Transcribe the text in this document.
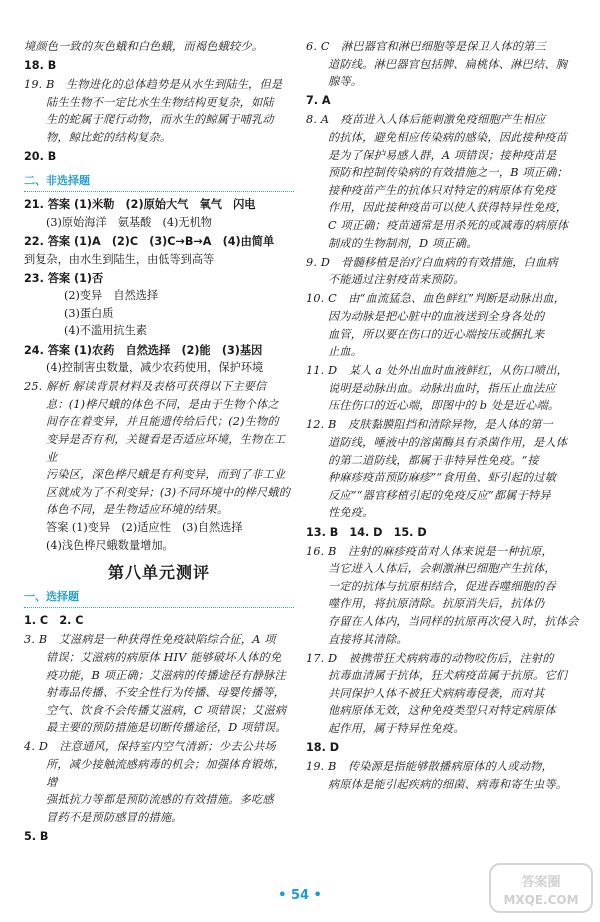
境颜色一致的灰色蛾和白色蛾，而褐色蛾较少。
18. B
19. B　生物进化的总体趋势是从水生到陆生，但是
陆生生物不一定比水生生物结构更复杂，如陆
生的蛇属于爬行动物，而水生的鲸属于哺乳动
物，鲸比蛇的结构复杂。
20. B
二、非选择题
21. 答案 (1)米勒　(2)原始大气　氧气　闪电
(3)原始海洋　氨基酸　(4)无机物
22. 答案 (1)A　(2)C　(3)C→B→A　(4)由简单
到复杂，由水生到陆生，由低等到高等
23. 答案 (1)否
(2)变异　自然选择
(3)蛋白质
(4)不滥用抗生素
24. 答案 (1)农药　自然选择　(2)能　(3)基因
(4)控制害虫数量，减少农药使用，保护环境
25. 解析 解读背景材料及表格可获得以下主要信
息：(1)桦尺蛾的体色不同，是由于生物个体之
间存在着变异，并且能遗传给后代；(2)生物的
变异是否有利，关键看是否适应环境，生物在工业
污染区，深色桦尺蛾是有利变异，而到了非工业
区就成为了不利变异；(3)不同环境中的桦尺蛾的
体色不同，是生物适应环境的结果。
答案 (1)变异　(2)适应性　(3)自然选择
(4)浅色桦尺蛾数量增加。
第八单元测评
一、选择题
1. C　2. C
3. B　艾滋病是一种获得性免疫缺陷综合征，A 项
错误；艾滋病的病原体 HIV 能够破坏人体的免
疫功能，B 项正确；艾滋病的传播途径有静脉注
射毒品传播、不安全性行为传播、母婴传播等，
空气、饮食不会传播艾滋病，C 项错误；艾滋病
最主要的预防措施是切断传播途径，D 项错误。
4. D　注意通风，保持室内空气清新；少去公共场
所，减少接触流感病毒的机会；加强体育锻炼，增
强抵抗力等都是预防流感的有效措施。多吃感
冒药不是预防感冒的措施。
5. B
6. C　淋巴器官和淋巴细胞等是保卫人体的第三
道防线。淋巴器官包括脾、扁桃体、淋巴结、胸
腺等。
7. A
8. A　疫苗进入人体后能刺激免疫细胞产生相应
的抗体，避免相应传染病的感染，因此接种疫苗
是为了保护易感人群，A 项错误；接种疫苗是
预防和控制传染病的有效措施之一，B 项正确；
接种疫苗产生的抗体只对特定的病原体有免疫
作用，因此接种疫苗可以使人获得特异性免疫，
C 项正确；疫苗通常是用杀死的或减毒的病原体
制成的生物制剂，D 项正确。
9. D　骨髓移植是治疗白血病的有效措施，白血病
不能通过注射疫苗来预防。
10. C　由“血流猛急、血色鲜红”判断是动脉出血，
因为动脉是把心脏中的血液送到全身各处的
血管，所以要在伤口的近心端按压或捆扎来
止血。
11. D　某人 a 处外出血时血液鲜红，从伤口喷出，
说明是动脉出血。动脉出血时，指压止血法应
压住伤口的近心端，即图中的 b 处是近心端。
12. B　皮肤黏膜阻挡和清除异物，是人体的第一
道防线，唾液中的溶菌酶具有杀菌作用，是人体
的第二道防线，都属于非特异性免疫。“接
种麻疹疫苗预防麻疹”“食用鱼、虾引起的过敏
反应”“器官移植引起的免疫反应”都属于特异
性免疫。
13. B　14. D　15. D
16. B　注射的麻疹疫苗对人体来说是一种抗原，
当它进入人体后，会刺激淋巴细胞产生抗体，
一定的抗体与抗原相结合，促进吞噬细胞的吞
噬作用，将抗原清除。抗原消失后，抗体仍
存留在人体内，当同样的抗原再次侵入时，抗体会
直接将其清除。
17. D　被携带狂犬病病毒的动物咬伤后，注射的
抗毒血清属于抗体，狂犬病疫苗属于抗原。它们
共同保护人体不被狂犬病病毒侵袭，而对其
他病原体无效，这种免疫类型只对特定病原体
起作用，属于特异性免疫。
18. D
19. B　传染源是指能够散播病原体的人或动物，
病原体是能引起疾病的细菌、病毒和寄生虫等。
• 54 •
答案圈
MXQE.COM
